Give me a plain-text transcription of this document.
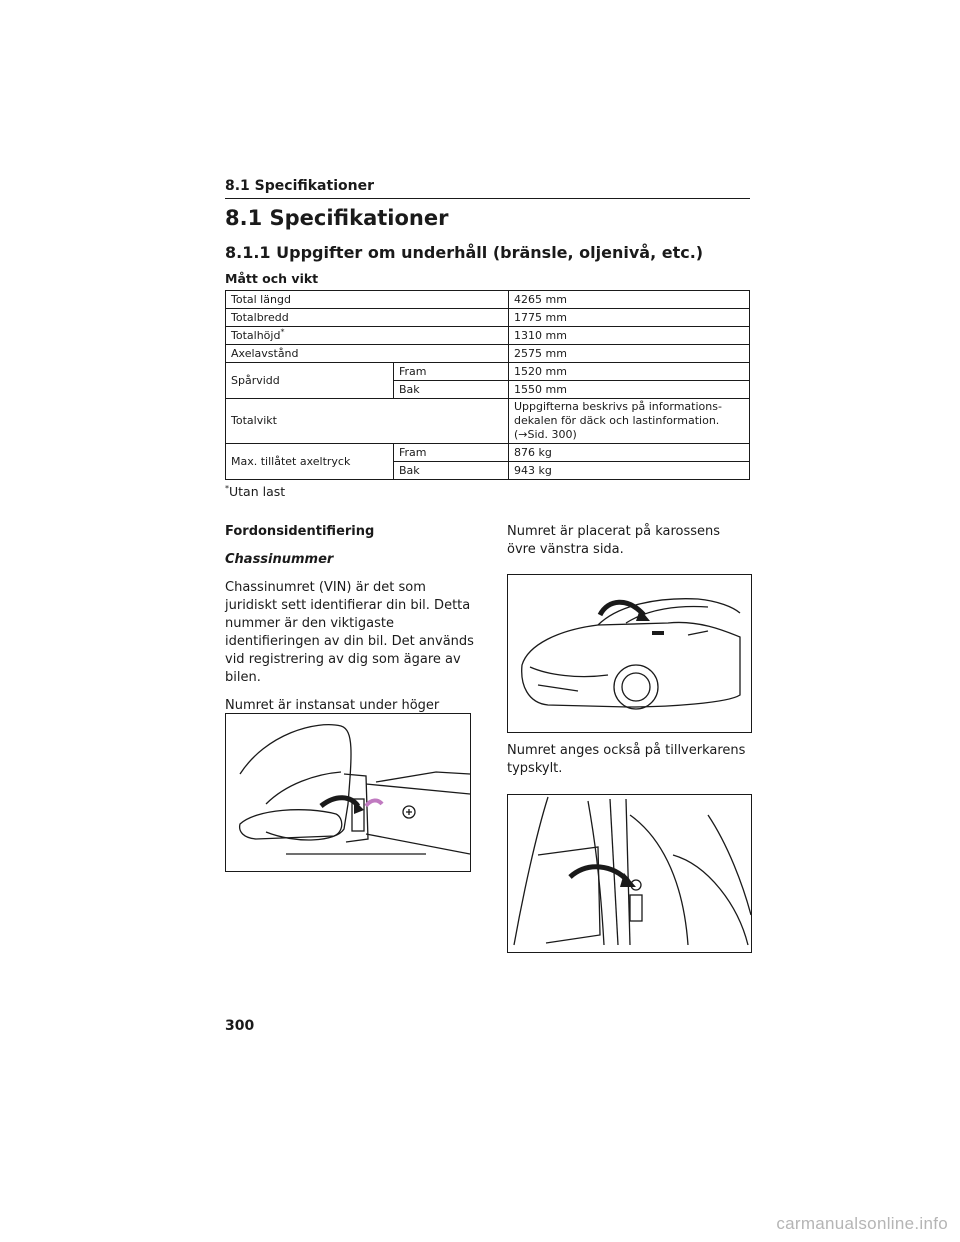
8.1 Specifikationer
8.1 Specifikationer
8.1.1 Uppgifter om underhåll (bränsle, oljenivå, etc.)
Mått och vikt
Total längd		4265 mm
Totalbredd		1775 mm
Totalhöjd*		1310 mm
Axelavstånd		2575 mm
Spårvidd	Fram	1520 mm
	Bak	1550 mm
Totalvikt		Uppgifterna beskrivs på informations-
dekalen för däck och lastinformation.
(→Sid. 300)

Max. tillåtet axeltryck	Fram	876 kg
	Bak	943 kg
*Utan last

Fordonsidentifiering

Chassinummer

Chassinumret (VIN) är det som juridiskt sett identifierar din bil. Detta nummer är den viktigaste identifieringen av din bil. Det används vid registrering av dig som ägare av bilen.

Numret är instansat under höger

Numret är placerat på karossens övre vänstra sida.

Numret anges också på tillverkarens typskylt.

300
carmanualsonline.info
